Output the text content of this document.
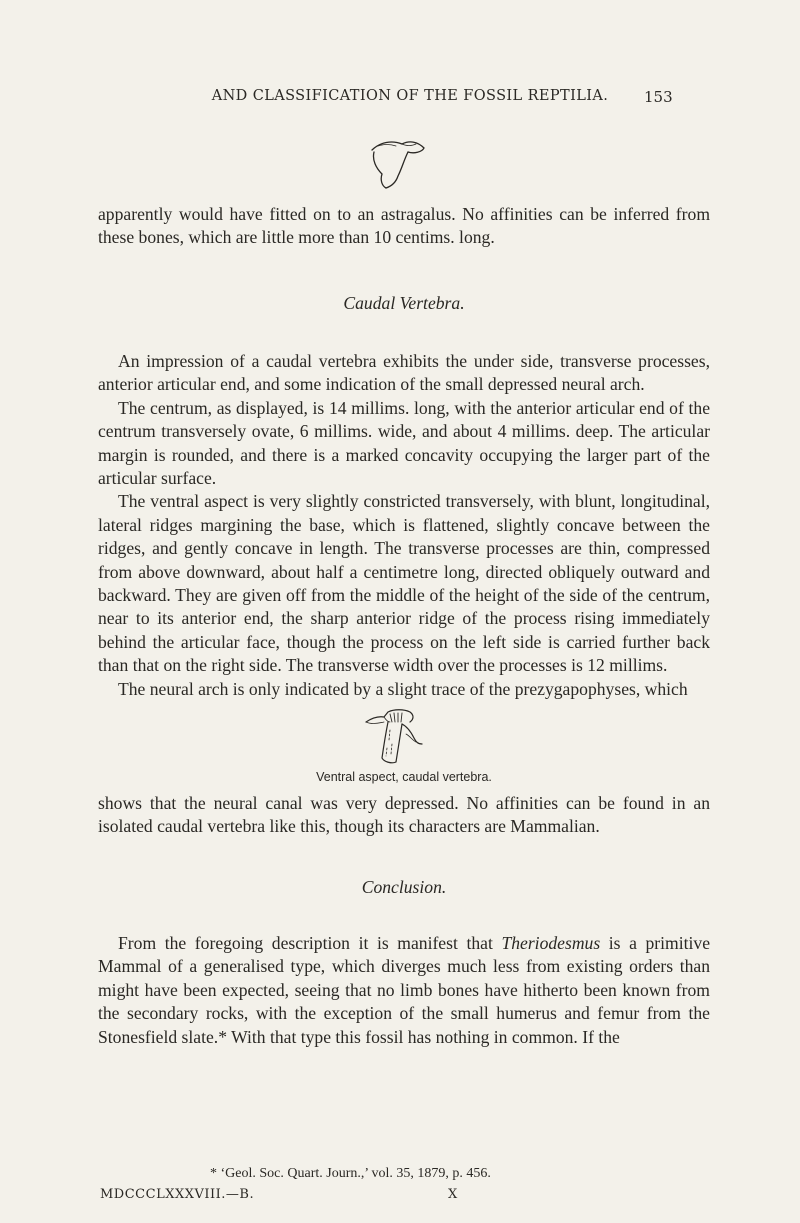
AND CLASSIFICATION OF THE FOSSIL REPTILIA.	153

apparently would have fitted on to an astragalus. No affinities can be inferred from these bones, which are little more than 10 centims. long.

Caudal Vertebra.

An impression of a caudal vertebra exhibits the under side, transverse processes, anterior articular end, and some indication of the small depressed neural arch.

The centrum, as displayed, is 14 millims. long, with the anterior articular end of the centrum transversely ovate, 6 millims. wide, and about 4 millims. deep. The articular margin is rounded, and there is a marked concavity occupying the larger part of the articular surface.

The ventral aspect is very slightly constricted transversely, with blunt, longitudinal, lateral ridges margining the base, which is flattened, slightly concave between the ridges, and gently concave in length. The transverse processes are thin, compressed from above downward, about half a centimetre long, directed obliquely outward and backward. They are given off from the middle of the height of the side of the centrum, near to its anterior end, the sharp anterior ridge of the process rising immediately behind the articular face, though the process on the left side is carried further back than that on the right side. The transverse width over the processes is 12 millims.

The neural arch is only indicated by a slight trace of the prezygapophyses, which

Ventral aspect, caudal vertebra.

shows that the neural canal was very depressed. No affinities can be found in an isolated caudal vertebra like this, though its characters are Mammalian.

Conclusion.

From the foregoing description it is manifest that Theriodesmus is a primitive Mammal of a generalised type, which diverges much less from existing orders than might have been expected, seeing that no limb bones have hitherto been known from the secondary rocks, with the exception of the small humerus and femur from the Stonesfield slate.* With that type this fossil has nothing in common. If the

* ‘Geol. Soc. Quart. Journ.,’ vol. 35, 1879, p. 456.
MDCCCLXXXVIII.—B.	X
